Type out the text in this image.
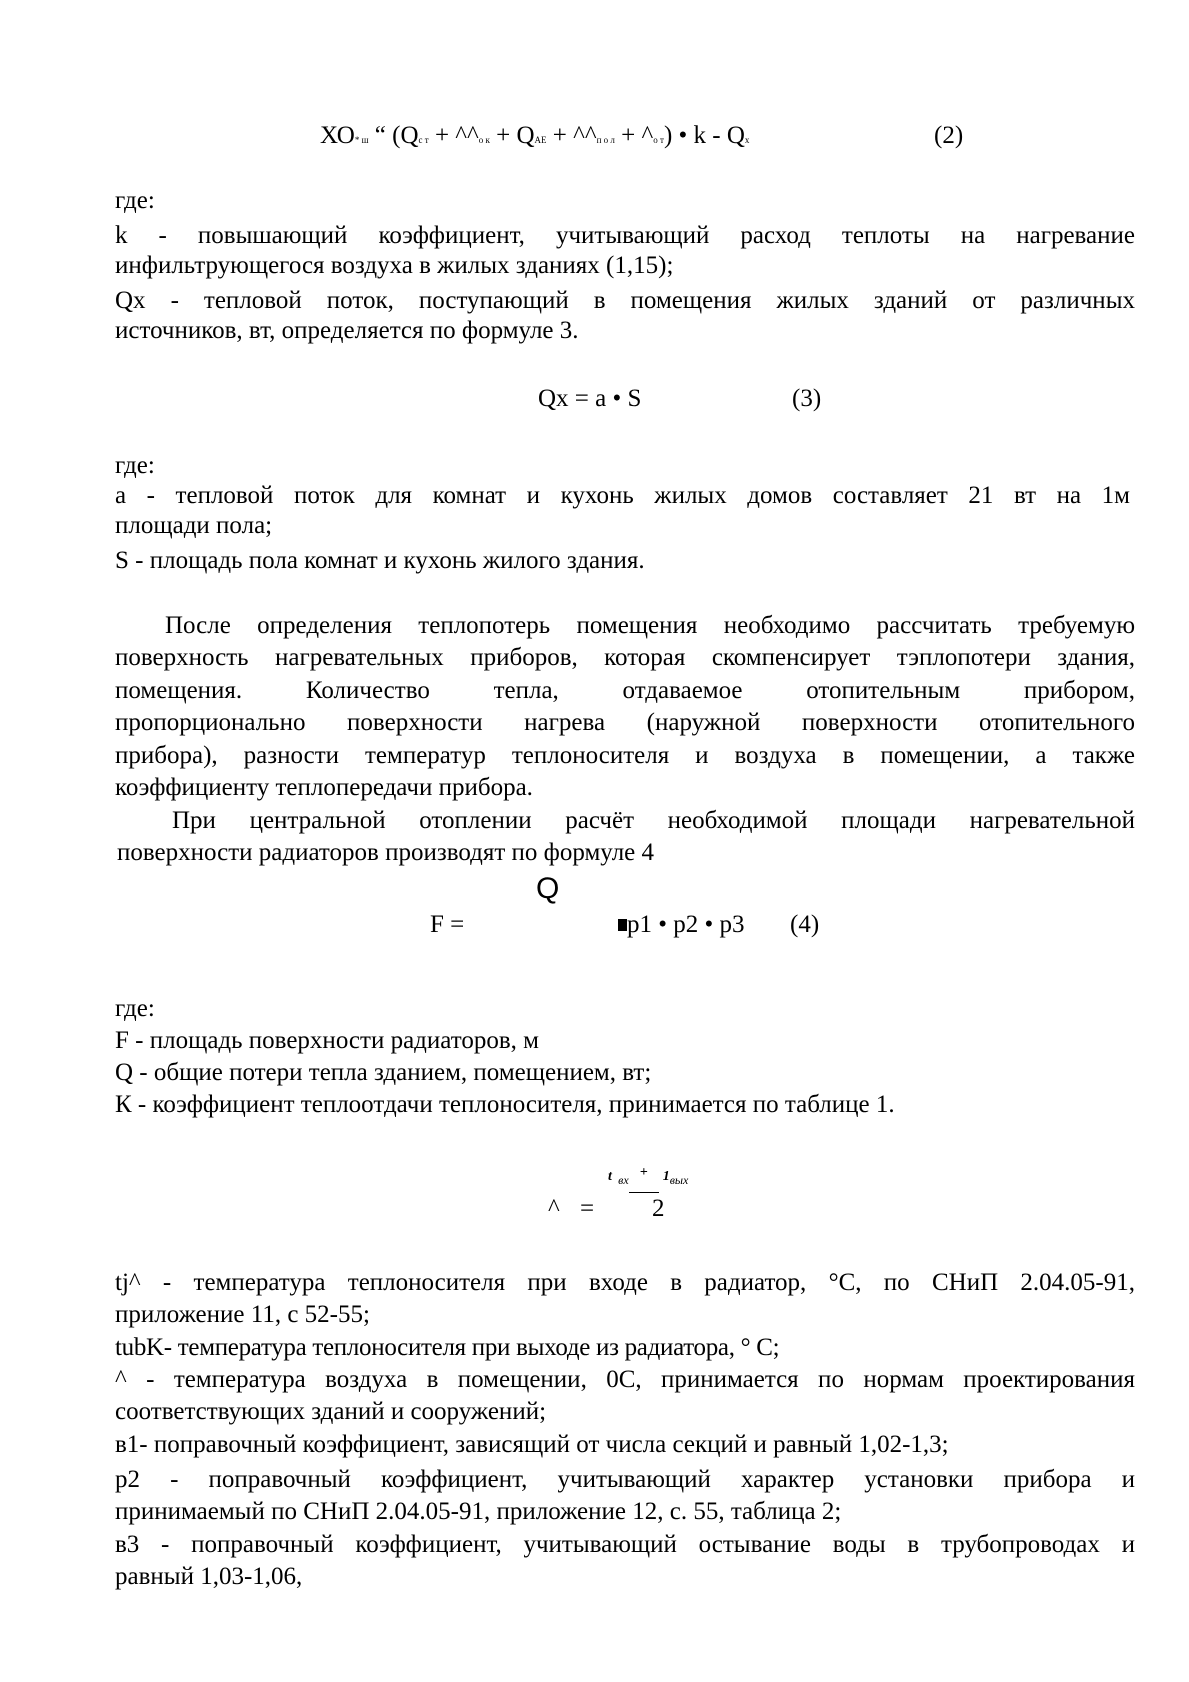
ХО* ш “ (Qс т + ^^о к + QAE + ^^п о л + ^о т) • k - Qx	(2)
где:
k - повышающий коэффициент, учитывающий расход теплоты на нагревание
инфильтрующегося воздуха в жилых зданиях (1,15);
Qx - тепловой поток, поступающий в помещения жилых зданий от различных
источников, вт, определяется по формуле 3.
Qx = a • S	(3)
где:
a - тепловой поток для комнат и кухонь жилых домов составляет 21 вт на 1м
площади пола;
S - площадь пола комнат и кухонь жилого здания.
После определения теплопотерь помещения необходимо рассчитать требуемую
поверхность нагревательных приборов, которая скомпенсирует тэплопотери здания,
помещения. Количество тепла, отдаваемое отопительным прибором,
пропорционально поверхности нагрева (наружной поверхности отопительного
прибора), разности температур теплоносителя и воздуха в помещении, а также
коэффициенту теплопередачи прибора.
При центральной отоплении расчёт необходимой площади нагревательной
поверхности радиаторов производят по формуле 4
Q
F =	p1 • p2 • p3 (4)
где:
F - площадь поверхности радиаторов, м
Q - общие потери тепла зданием, помещением, вт;
К - коэффициент теплоотдачи теплоносителя, принимается по таблице 1.
t вх + 1вых
^ = 2
tj^ - температура теплоносителя при входе в радиатор, °С, по СНиП 2.04.05-91,
приложение 11, с 52-55;
tubK- температура теплоносителя при выходе из радиатора, ° С;
^ - температура воздуха в помещении, 0С, принимается по нормам проектирования
соответствующих зданий и сооружений;
в1- поправочный коэффициент, зависящий от числа секций и равный 1,02-1,3;
р2 - поправочный коэффициент, учитывающий характер установки прибора и
принимаемый по СНиП 2.04.05-91, приложение 12, с. 55, таблица 2;
в3 - поправочный коэффициент, учитывающий остывание воды в трубопроводах и
равный 1,03-1,06,
